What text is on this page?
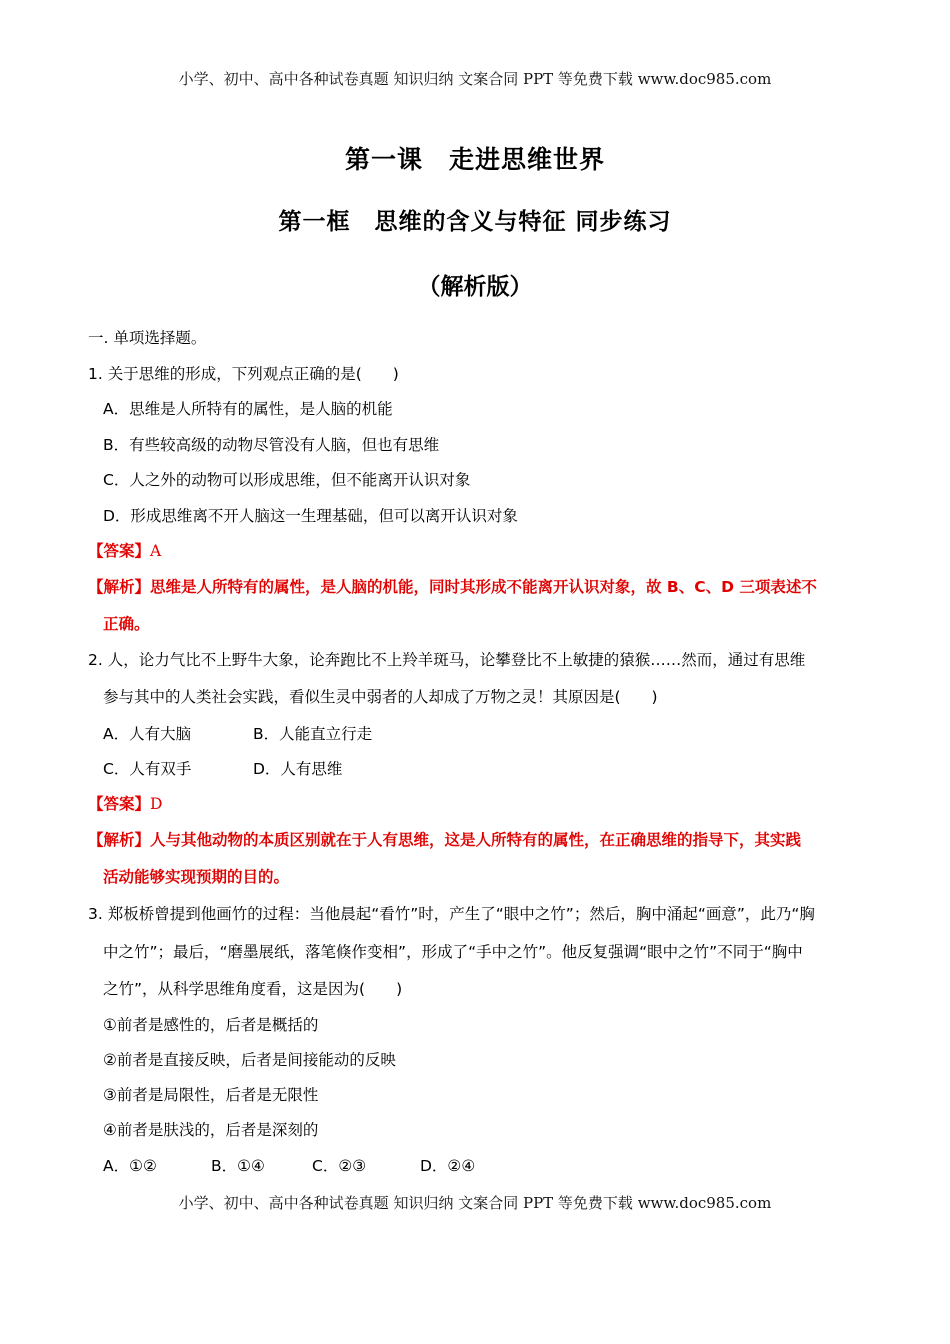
小学、初中、高中各种试卷真题 知识归纳 文案合同 PPT 等免费下载 www.doc985.com
第一课　走进思维世界
第一框　思维的含义与特征 同步练习
（解析版）
一. 单项选择题。
1. 关于思维的形成，下列观点正确的是(　　)
A．思维是人所特有的属性，是人脑的机能
B．有些较高级的动物尽管没有人脑，但也有思维
C．人之外的动物可以形成思维，但不能离开认识对象
D．形成思维离不开人脑这一生理基础，但可以离开认识对象
【答案】A
【解析】思维是人所特有的属性，是人脑的机能，同时其形成不能离开认识对象，故 B、C、D 三项表述不
正确。
2. 人，论力气比不上野牛大象，论奔跑比不上羚羊斑马，论攀登比不上敏捷的猿猴……然而，通过有思维
参与其中的人类社会实践，看似生灵中弱者的人却成了万物之灵！其原因是(　　)
A．人有大脑	B．人能直立行走
C．人有双手	D．人有思维
【答案】D
【解析】人与其他动物的本质区别就在于人有思维，这是人所特有的属性，在正确思维的指导下，其实践
活动能够实现预期的目的。
3. 郑板桥曾提到他画竹的过程：当他晨起“看竹”时，产生了“眼中之竹”；然后，胸中涌起“画意”，此乃“胸
中之竹”；最后，“磨墨展纸，落笔倏作变相”，形成了“手中之竹”。他反复强调“眼中之竹”不同于“胸中
之竹”，从科学思维角度看，这是因为(　　)
①前者是感性的，后者是概括的
②前者是直接反映，后者是间接能动的反映
③前者是局限性，后者是无限性
④前者是肤浅的，后者是深刻的
A．①②	B．①④	C．②③	D．②④
小学、初中、高中各种试卷真题 知识归纳 文案合同 PPT 等免费下载 www.doc985.com
